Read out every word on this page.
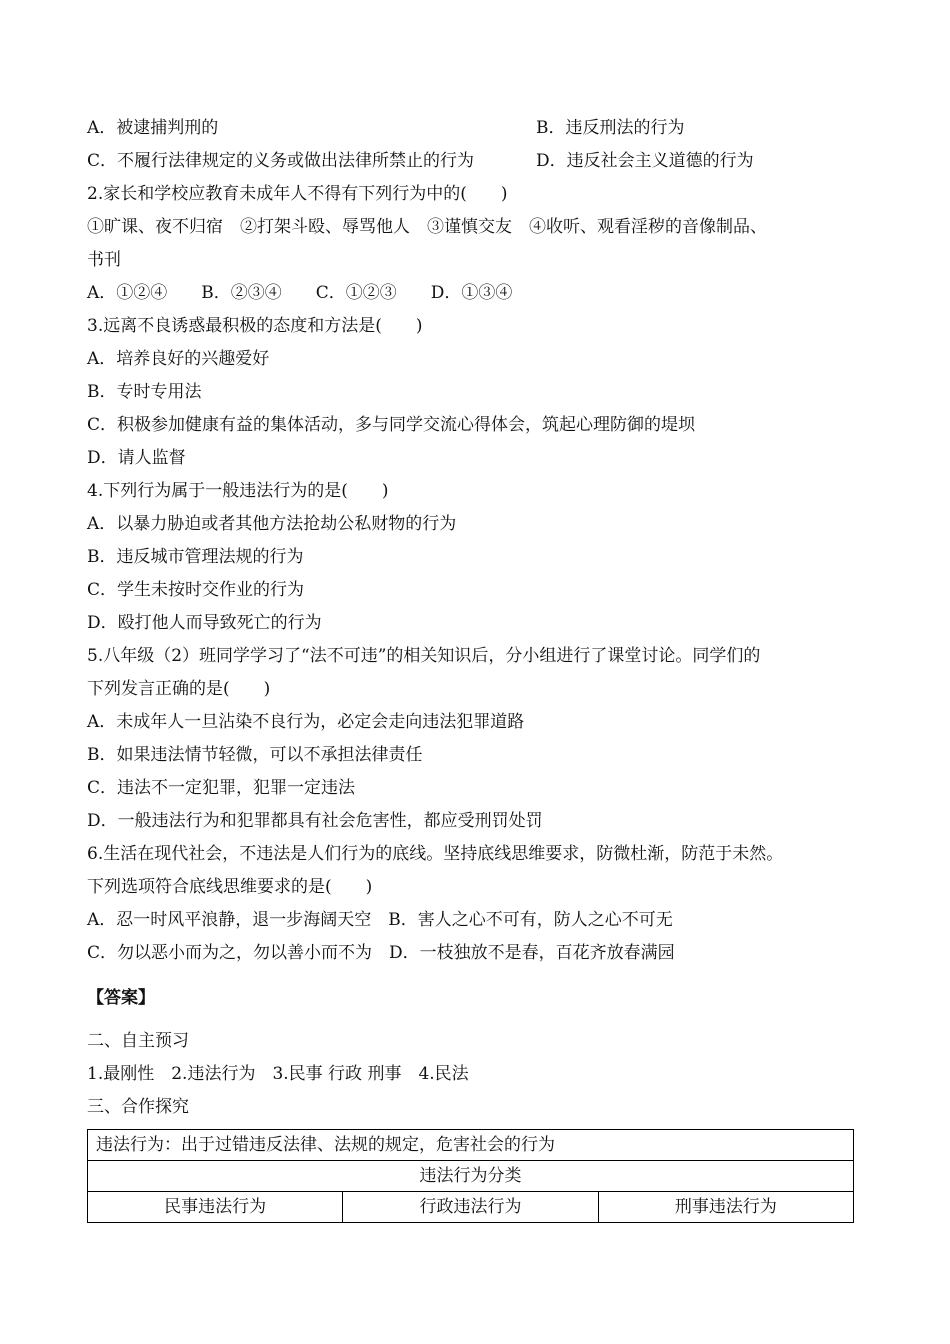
A．被逮捕判刑的	B．违反刑法的行为
C．不履行法律规定的义务或做出法律所禁止的行为	D．违反社会主义道德的行为
2.家长和学校应教育未成年人不得有下列行为中的(　　)
①旷课、夜不归宿　②打架斗殴、辱骂他人　③谨慎交友　④收听、观看淫秽的音像制品、
书刊
A．①②④　　B．②③④　　C．①②③　　D．①③④
3.远离不良诱惑最积极的态度和方法是(　　)
A．培养良好的兴趣爱好
B．专时专用法
C．积极参加健康有益的集体活动，多与同学交流心得体会，筑起心理防御的堤坝
D．请人监督
4.下列行为属于一般违法行为的是(　　)
A．以暴力胁迫或者其他方法抢劫公私财物的行为
B．违反城市管理法规的行为
C．学生未按时交作业的行为
D．殴打他人而导致死亡的行为
5.八年级（2）班同学学习了“法不可违”的相关知识后，分小组进行了课堂讨论。同学们的
下列发言正确的是(　　)
A．未成年人一旦沾染不良行为，必定会走向违法犯罪道路
B．如果违法情节轻微，可以不承担法律责任
C．违法不一定犯罪，犯罪一定违法
D．一般违法行为和犯罪都具有社会危害性，都应受刑罚处罚
6.生活在现代社会，不违法是人们行为的底线。坚持底线思维要求，防微杜渐，防范于未然。
下列选项符合底线思维要求的是(　　)
A．忍一时风平浪静，退一步海阔天空　B．害人之心不可有，防人之心不可无
C．勿以恶小而为之，勿以善小而不为　D．一枝独放不是春，百花齐放春满园
【答案】
二、自主预习
1.最刚性　2.违法行为　3.民事 行政 刑事　4.民法
三、合作探究
违法行为：出于过错违反法律、法规的规定，危害社会的行为
违法行为分类
民事违法行为	行政违法行为	刑事违法行为
